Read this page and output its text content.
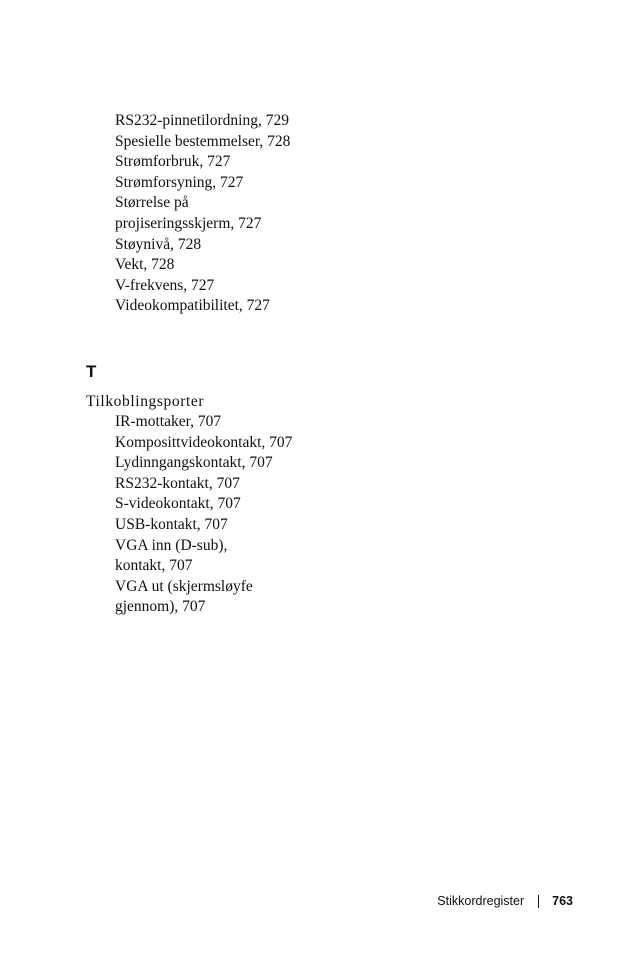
RS232-pinnetilordning, 729
Spesielle bestemmelser, 728
Strømforbruk, 727
Strømforsyning, 727
Størrelse på
projiseringsskjerm, 727
Støynivå, 728
Vekt, 728
V-frekvens, 727
Videokompatibilitet, 727
T
Tilkoblingsporter
IR-mottaker, 707
Komposittvideokontakt, 707
Lydinngangskontakt, 707
RS232-kontakt, 707
S-videokontakt, 707
USB-kontakt, 707
VGA inn (D-sub),
kontakt, 707
VGA ut (skjermsløyfe
gjennom), 707
Stikkordregister 763
